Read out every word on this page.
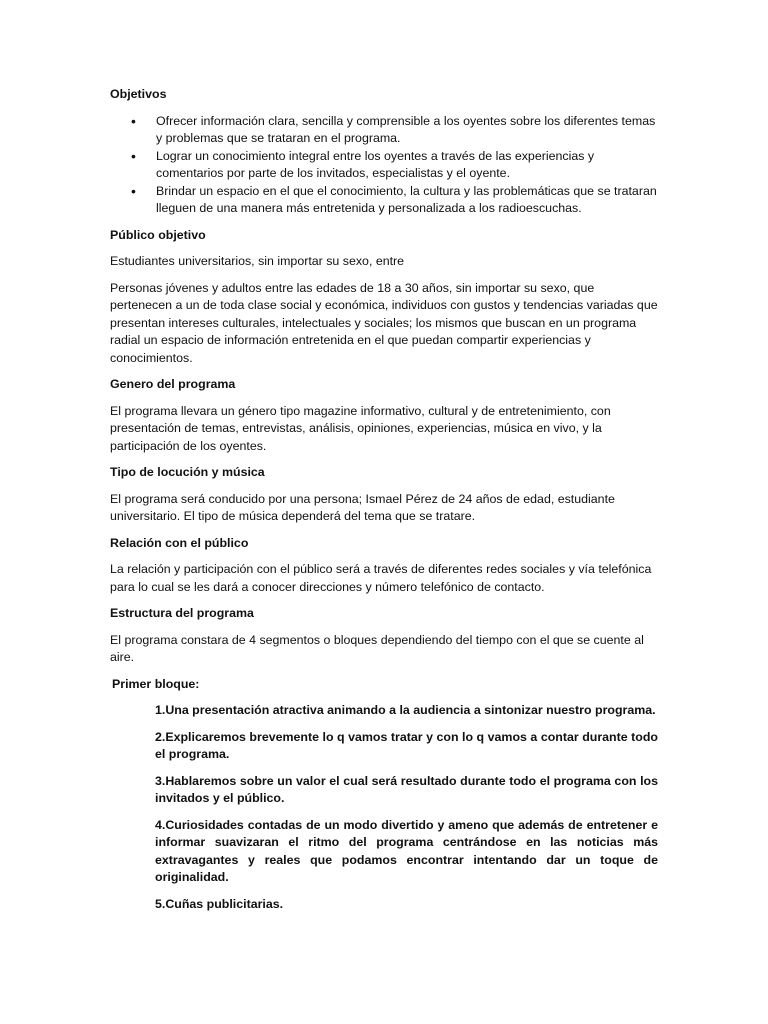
Objetivos
• Ofrecer información clara, sencilla y comprensible a los oyentes sobre los diferentes temas y problemas que se trataran en el programa.
• Lograr un conocimiento integral entre los oyentes a través de las experiencias y comentarios por parte de los invitados, especialistas y el oyente.
• Brindar un espacio en el que el conocimiento, la cultura y las problemáticas que se trataran lleguen de una manera más entretenida y personalizada a los radioescuchas.
Público objetivo
Estudiantes universitarios, sin importar su sexo, entre
Personas jóvenes y adultos entre las edades de 18 a 30 años, sin importar su sexo, que pertenecen a un de toda clase social y económica, individuos con gustos y tendencias variadas que presentan intereses culturales, intelectuales y sociales; los mismos que buscan en un programa radial un espacio de información entretenida en el que puedan compartir experiencias y conocimientos.
Genero del programa
El programa llevara un género tipo magazine informativo, cultural y de entretenimiento, con presentación de temas, entrevistas, análisis, opiniones, experiencias, música en vivo, y la participación de los oyentes.
Tipo de locución y música
El programa será conducido por una persona; Ismael Pérez de 24 años de edad, estudiante universitario. El tipo de música dependerá del tema que se tratare.
Relación con el público
La relación y participación con el público será a través de diferentes redes sociales y vía telefónica para lo cual se les dará a conocer direcciones y número telefónico de contacto.
Estructura del programa
El programa constara de 4 segmentos o bloques dependiendo del tiempo con el que se cuente al aire.
Primer bloque:
1.Una presentación atractiva animando a la audiencia a sintonizar nuestro programa.
2.Explicaremos brevemente lo q vamos tratar y con lo q vamos a contar durante todo el programa.
3.Hablaremos sobre un valor el cual será resultado durante todo el programa con los invitados y el público.
4.Curiosidades contadas de un modo divertido y ameno que además de entretener e informar suavizaran el ritmo del programa centrándose en las noticias más extravagantes y reales que podamos encontrar intentando dar un toque de originalidad.
5.Cuñas publicitarias.
